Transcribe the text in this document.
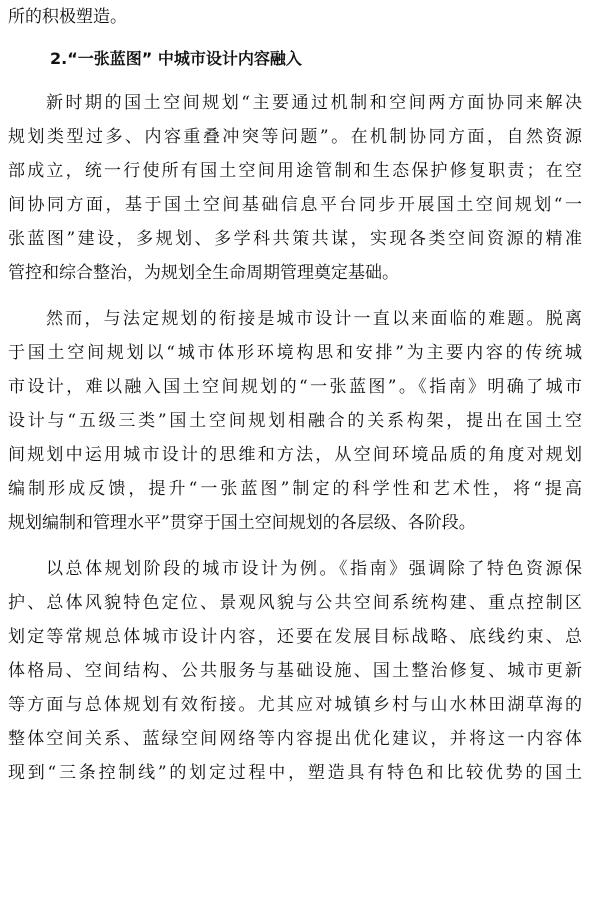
所的积极塑造。
2.“一张蓝图” 中城市设计内容融入
新时期的国土空间规划“主要通过机制和空间两方面协同来解决
规划类型过多、内容重叠冲突等问题”。在机制协同方面，自然资源
部成立，统一行使所有国土空间用途管制和生态保护修复职责；在空
间协同方面，基于国土空间基础信息平台同步开展国土空间规划“一
张蓝图”建设，多规划、多学科共策共谋，实现各类空间资源的精准
管控和综合整治，为规划全生命周期管理奠定基础。
然而，与法定规划的衔接是城市设计一直以来面临的难题。脱离
于国土空间规划以“城市体形环境构思和安排”为主要内容的传统城
市设计，难以融入国土空间规划的“一张蓝图”。《指南》明确了城市
设计与“五级三类”国土空间规划相融合的关系构架，提出在国土空
间规划中运用城市设计的思维和方法，从空间环境品质的角度对规划
编制形成反馈，提升“一张蓝图”制定的科学性和艺术性，将“提高
规划编制和管理水平”贯穿于国土空间规划的各层级、各阶段。
以总体规划阶段的城市设计为例。《指南》强调除了特色资源保
护、总体风貌特色定位、景观风貌与公共空间系统构建、重点控制区
划定等常规总体城市设计内容，还要在发展目标战略、底线约束、总
体格局、空间结构、公共服务与基础设施、国土整治修复、城市更新
等方面与总体规划有效衔接。尤其应对城镇乡村与山水林田湖草海的
整体空间关系、蓝绿空间网络等内容提出优化建议，并将这一内容体
现到“三条控制线”的划定过程中，塑造具有特色和比较优势的国土
